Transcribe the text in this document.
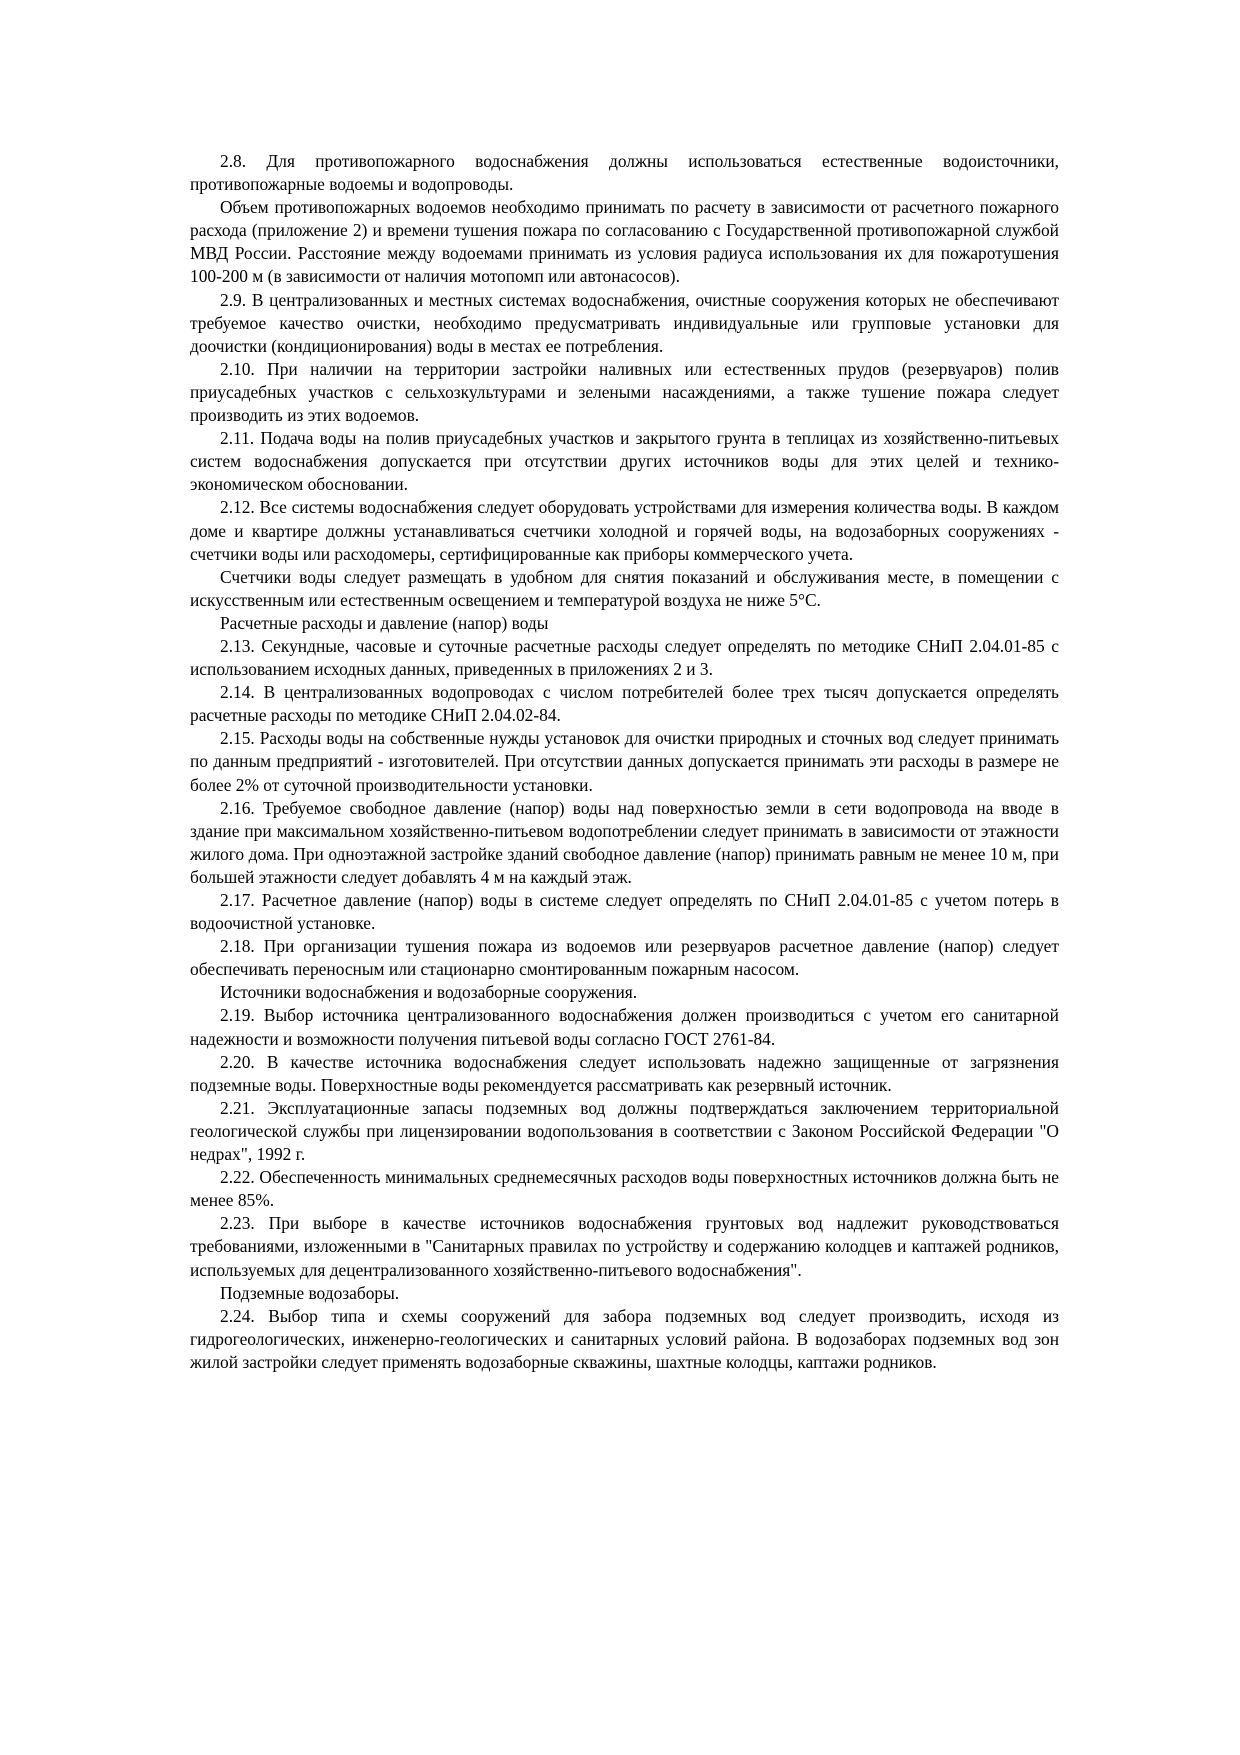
2.8. Для противопожарного водоснабжения должны использоваться естественные водоисточники, противопожарные водоемы и водопроводы.

Объем противопожарных водоемов необходимо принимать по расчету в зависимости от расчетного пожарного расхода (приложение 2) и времени тушения пожара по согласованию с Государственной противопожарной службой МВД России. Расстояние между водоемами принимать из условия радиуса использования их для пожаротушения 100-200 м (в зависимости от наличия мотопомп или автонасосов).

2.9. В централизованных и местных системах водоснабжения, очистные сооружения которых не обеспечивают требуемое качество очистки, необходимо предусматривать индивидуальные или групповые установки для доочистки (кондиционирования) воды в местах ее потребления.

2.10. При наличии на территории застройки наливных или естественных прудов (резервуаров) полив приусадебных участков с сельхозкультурами и зелеными насаждениями, а также тушение пожара следует производить из этих водоемов.

2.11. Подача воды на полив приусадебных участков и закрытого грунта в теплицах из хозяйственно-питьевых систем водоснабжения допускается при отсутствии других источников воды для этих целей и технико-экономическом обосновании.

2.12. Все системы водоснабжения следует оборудовать устройствами для измерения количества воды. В каждом доме и квартире должны устанавливаться счетчики холодной и горячей воды, на водозаборных сооружениях - счетчики воды или расходомеры, сертифицированные как приборы коммерческого учета.

Счетчики воды следует размещать в удобном для снятия показаний и обслуживания месте, в помещении с искусственным или естественным освещением и температурой воздуха не ниже 5°С.

Расчетные расходы и давление (напор) воды

2.13. Секундные, часовые и суточные расчетные расходы следует определять по методике СНиП 2.04.01-85 с использованием исходных данных, приведенных в приложениях 2 и 3.

2.14. В централизованных водопроводах с числом потребителей более трех тысяч допускается определять расчетные расходы по методике СНиП 2.04.02-84.

2.15. Расходы воды на собственные нужды установок для очистки природных и сточных вод следует принимать по данным предприятий - изготовителей. При отсутствии данных допускается принимать эти расходы в размере не более 2% от суточной производительности установки.

2.16. Требуемое свободное давление (напор) воды над поверхностью земли в сети водопровода на вводе в здание при максимальном хозяйственно-питьевом водопотреблении следует принимать в зависимости от этажности жилого дома. При одноэтажной застройке зданий свободное давление (напор) принимать равным не менее 10 м, при большей этажности следует добавлять 4 м на каждый этаж.

2.17. Расчетное давление (напор) воды в системе следует определять по СНиП 2.04.01-85 с учетом потерь в водоочистной установке.

2.18. При организации тушения пожара из водоемов или резервуаров расчетное давление (напор) следует обеспечивать переносным или стационарно смонтированным пожарным насосом.

Источники водоснабжения и водозаборные сооружения.

2.19. Выбор источника централизованного водоснабжения должен производиться с учетом его санитарной надежности и возможности получения питьевой воды согласно ГОСТ 2761-84.

2.20. В качестве источника водоснабжения следует использовать надежно защищенные от загрязнения подземные воды. Поверхностные воды рекомендуется рассматривать как резервный источник.

2.21. Эксплуатационные запасы подземных вод должны подтверждаться заключением территориальной геологической службы при лицензировании водопользования в соответствии с Законом Российской Федерации "О недрах", 1992 г.

2.22. Обеспеченность минимальных среднемесячных расходов воды поверхностных источников должна быть не менее 85%.

2.23. При выборе в качестве источников водоснабжения грунтовых вод надлежит руководствоваться требованиями, изложенными в "Санитарных правилах по устройству и содержанию колодцев и каптажей родников, используемых для децентрализованного хозяйственно-питьевого водоснабжения".

Подземные водозаборы.

2.24. Выбор типа и схемы сооружений для забора подземных вод следует производить, исходя из гидрогеологических, инженерно-геологических и санитарных условий района. В водозаборах подземных вод зон жилой застройки следует применять водозаборные скважины, шахтные колодцы, каптажи родников.
